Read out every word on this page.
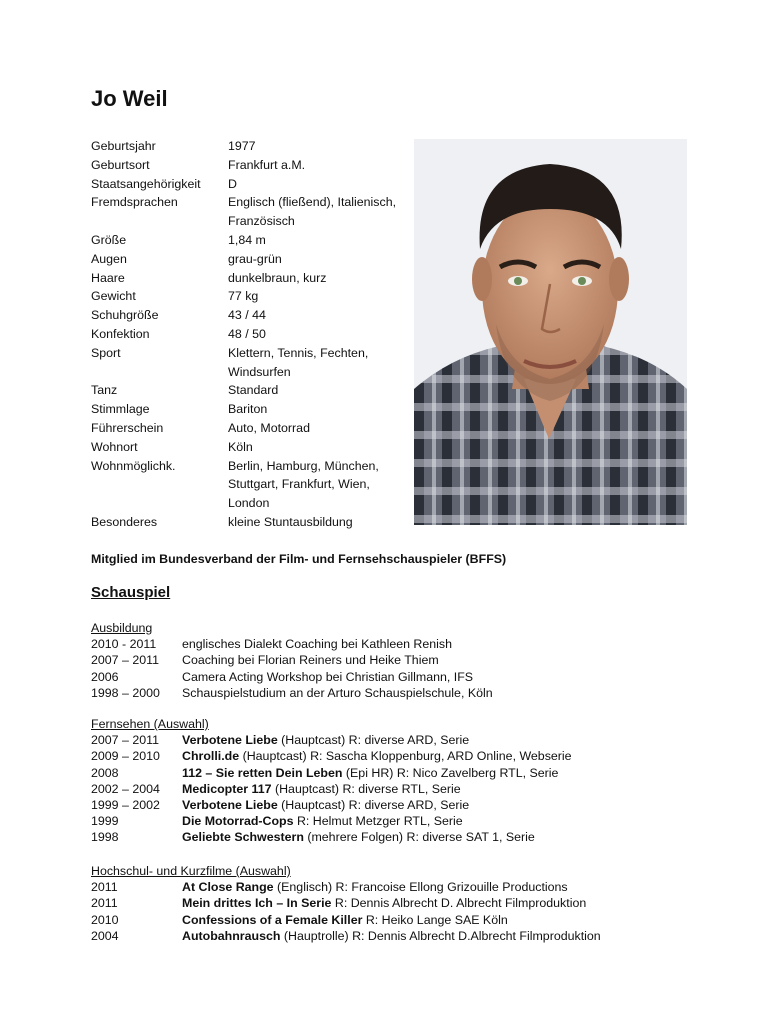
Jo Weil
Geburtsjahr	1977
Geburtsort	Frankfurt a.M.
Staatsangehörigkeit	D
Fremdsprachen	Englisch (fließend), Italienisch, Französisch
Größe	1,84 m
Augen	grau-grün
Haare	dunkelbraun, kurz
Gewicht	77 kg
Schuhgröße	43 / 44
Konfektion	48 / 50
Sport	Klettern, Tennis, Fechten, Windsurfen
Tanz	Standard
Stimmlage	Bariton
Führerschein	Auto, Motorrad
Wohnort	Köln
Wohnmöglichk.	Berlin, Hamburg, München, Stuttgart, Frankfurt, Wien, London
Besonderes	kleine Stuntausbildung
Mitglied im Bundesverband der Film- und Fernsehschauspieler (BFFS)
Schauspiel
Ausbildung
2010 - 2011	englisches Dialekt Coaching bei Kathleen Renish
2007 – 2011	Coaching bei Florian Reiners und Heike Thiem
2006	Camera Acting Workshop bei Christian Gillmann, IFS
1998 – 2000	Schauspielstudium an der Arturo Schauspielschule, Köln
Fernsehen (Auswahl)
2007 – 2011	Verbotene Liebe (Hauptcast) R: diverse ARD, Serie
2009 – 2010	Chrolli.de (Hauptcast) R: Sascha Kloppenburg, ARD Online, Webserie
2008	112 – Sie retten Dein Leben (Epi HR) R: Nico Zavelberg RTL, Serie
2002 – 2004	Medicopter 117 (Hauptcast) R: diverse RTL, Serie
1999 – 2002	Verbotene Liebe (Hauptcast) R: diverse ARD, Serie
1999	Die Motorrad-Cops R: Helmut Metzger RTL, Serie
1998	Geliebte Schwestern (mehrere Folgen) R: diverse SAT 1, Serie
Hochschul- und Kurzfilme (Auswahl)
2011	At Close Range (Englisch) R: Francoise Ellong Grizouille Productions
2011	Mein drittes Ich – In Serie R: Dennis Albrecht D. Albrecht Filmproduktion
2010	Confessions of a Female Killer R: Heiko Lange SAE Köln
2004	Autobahnrausch (Hauptrolle) R: Dennis Albrecht D.Albrecht Filmproduktion
